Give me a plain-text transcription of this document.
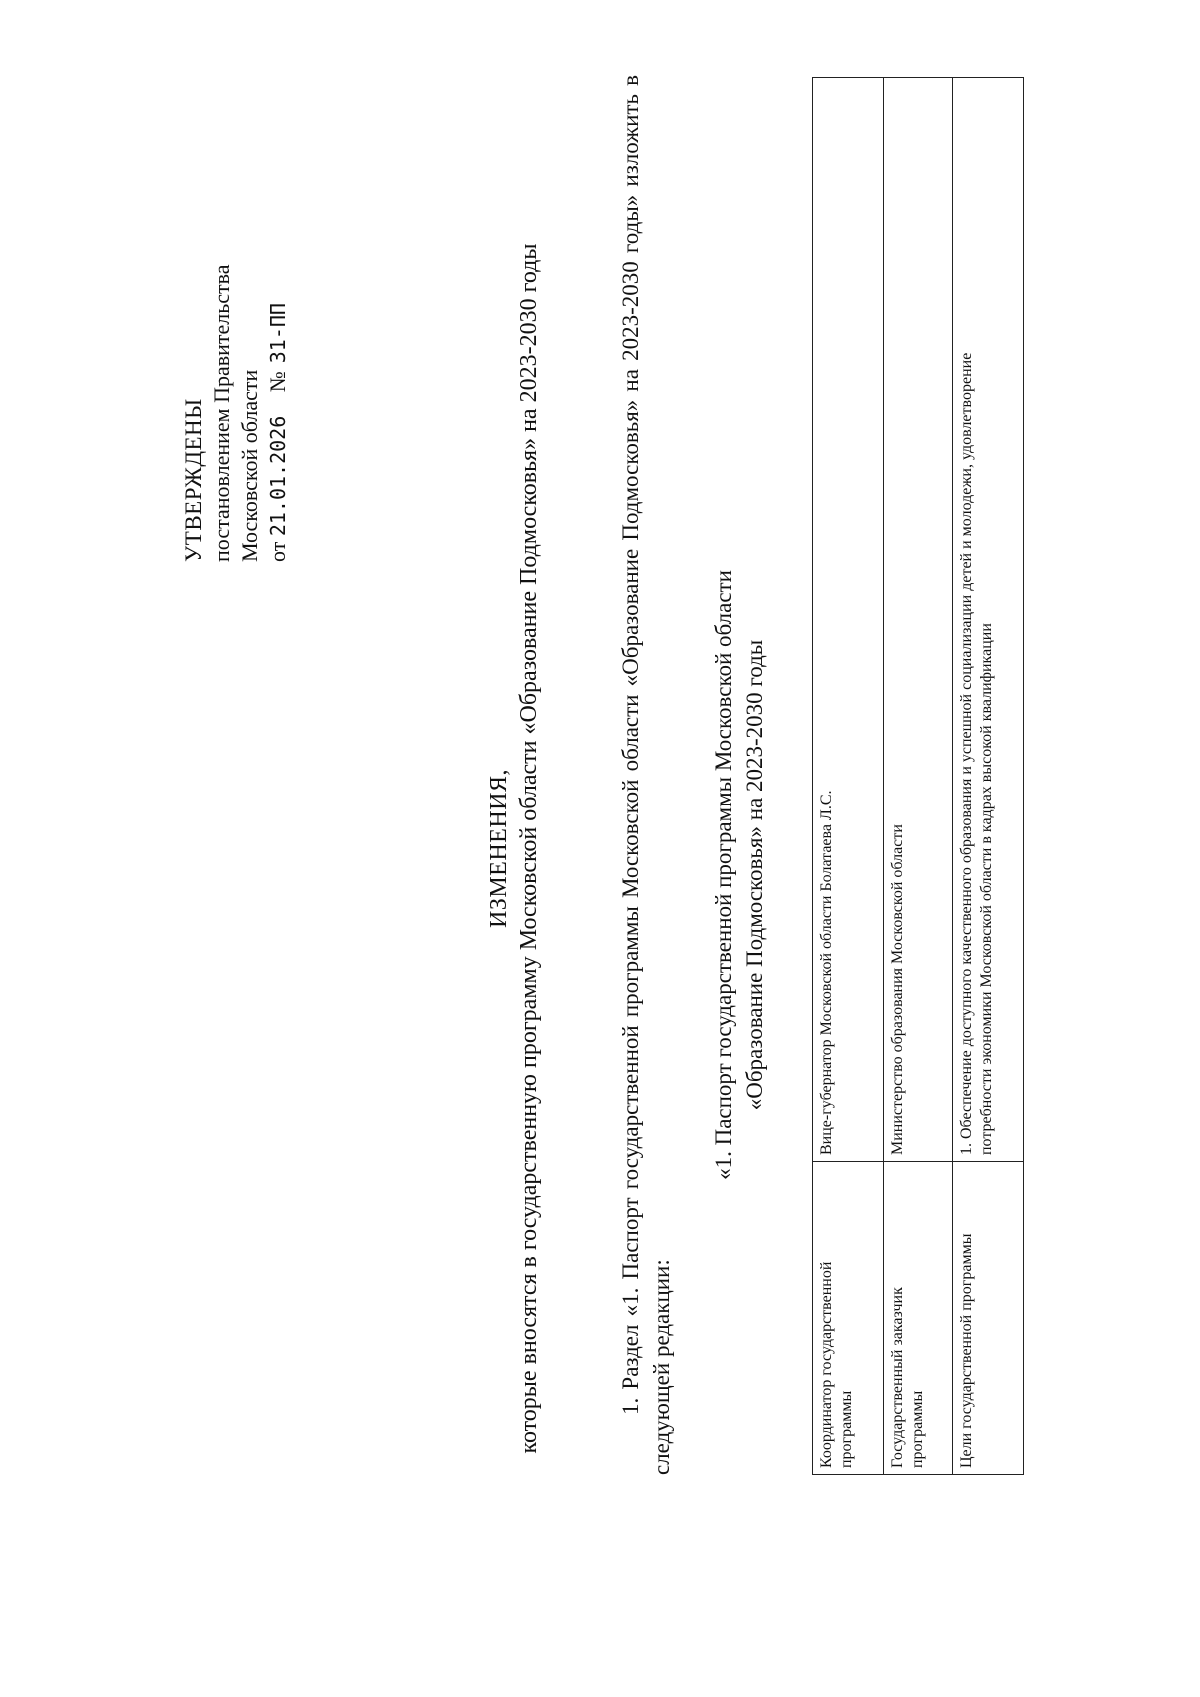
УТВЕРЖДЕНЫ постановлением Правительства Московской области от 21.01.2026 №31-ПП
ИЗМЕНЕНИЯ, которые вносятся в государственную программу Московской области «Образование Подмосковья» на 2023-2030 годы	1. Раздел «1. Паспорт государственной программы Московской области «Образование Подмосковья» на 2023-2030 годы» изложить в следующей редакции:
«1. Паспорт государственной программы Московской области «Образование Подмосковья» на 2023-2030 годы
Координатор государственной программы	Вице-губернатор Московской области Болатаева Л.С.

Государственный заказчик программы	Министерство образования Московской области

Цели государственной программы	1. Обеспечение доступного качественного образования и успешной социализации детей и молодежи, удовлетворение потребности экономики Московской области в кадрах высокой квалификации
